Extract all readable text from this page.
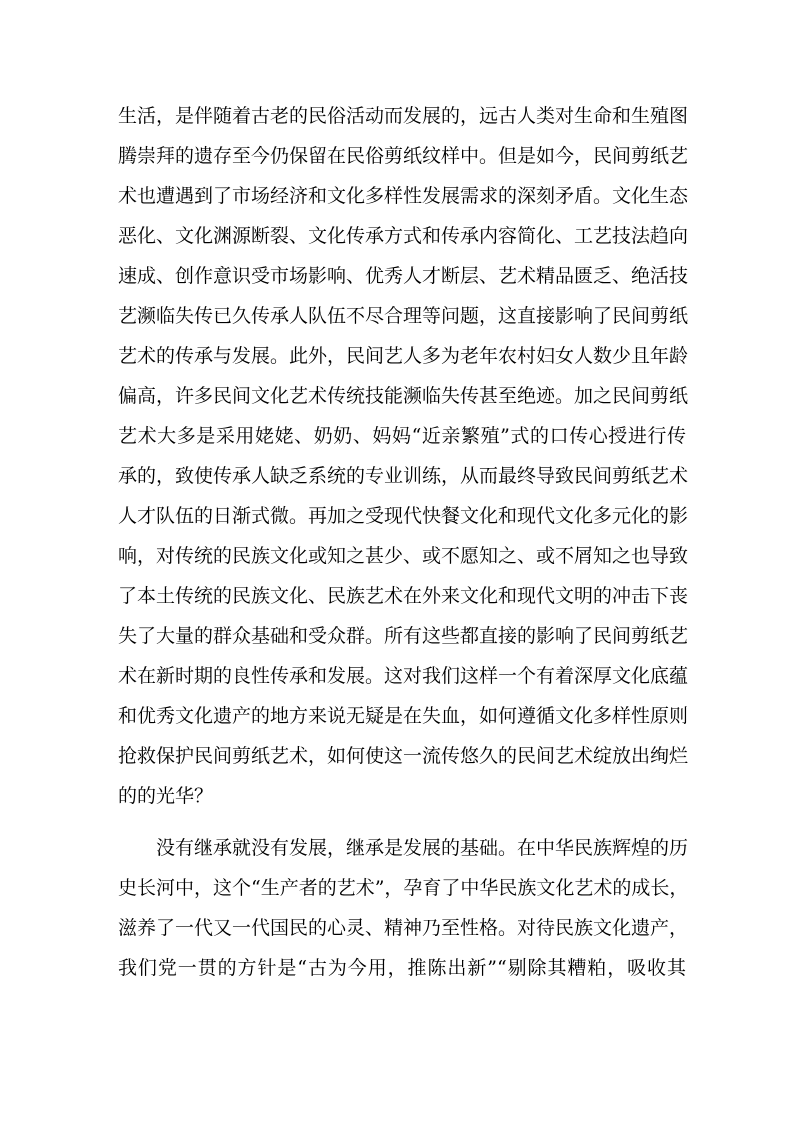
生活，是伴随着古老的民俗活动而发展的，远古人类对生命和生殖图
腾崇拜的遗存至今仍保留在民俗剪纸纹样中。但是如今，民间剪纸艺
术也遭遇到了市场经济和文化多样性发展需求的深刻矛盾。文化生态
恶化、文化渊源断裂、文化传承方式和传承内容简化、工艺技法趋向
速成、创作意识受市场影响、优秀人才断层、艺术精品匮乏、绝活技
艺濒临失传已久传承人队伍不尽合理等问题，这直接影响了民间剪纸
艺术的传承与发展。此外，民间艺人多为老年农村妇女人数少且年龄
偏高，许多民间文化艺术传统技能濒临失传甚至绝迹。加之民间剪纸
艺术大多是采用姥姥、奶奶、妈妈“近亲繁殖”式的口传心授进行传
承的，致使传承人缺乏系统的专业训练，从而最终导致民间剪纸艺术
人才队伍的日渐式微。再加之受现代快餐文化和现代文化多元化的影
响，对传统的民族文化或知之甚少、或不愿知之、或不屑知之也导致
了本土传统的民族文化、民族艺术在外来文化和现代文明的冲击下丧
失了大量的群众基础和受众群。所有这些都直接的影响了民间剪纸艺
术在新时期的良性传承和发展。这对我们这样一个有着深厚文化底蕴
和优秀文化遗产的地方来说无疑是在失血，如何遵循文化多样性原则
抢救保护民间剪纸艺术，如何使这一流传悠久的民间艺术绽放出绚烂
的的光华？
没有继承就没有发展，继承是发展的基础。在中华民族辉煌的历
史长河中，这个“生产者的艺术”，孕育了中华民族文化艺术的成长，
滋养了一代又一代国民的心灵、精神乃至性格。对待民族文化遗产，
我们党一贯的方针是“古为今用，推陈出新”“剔除其糟粕，吸收其
